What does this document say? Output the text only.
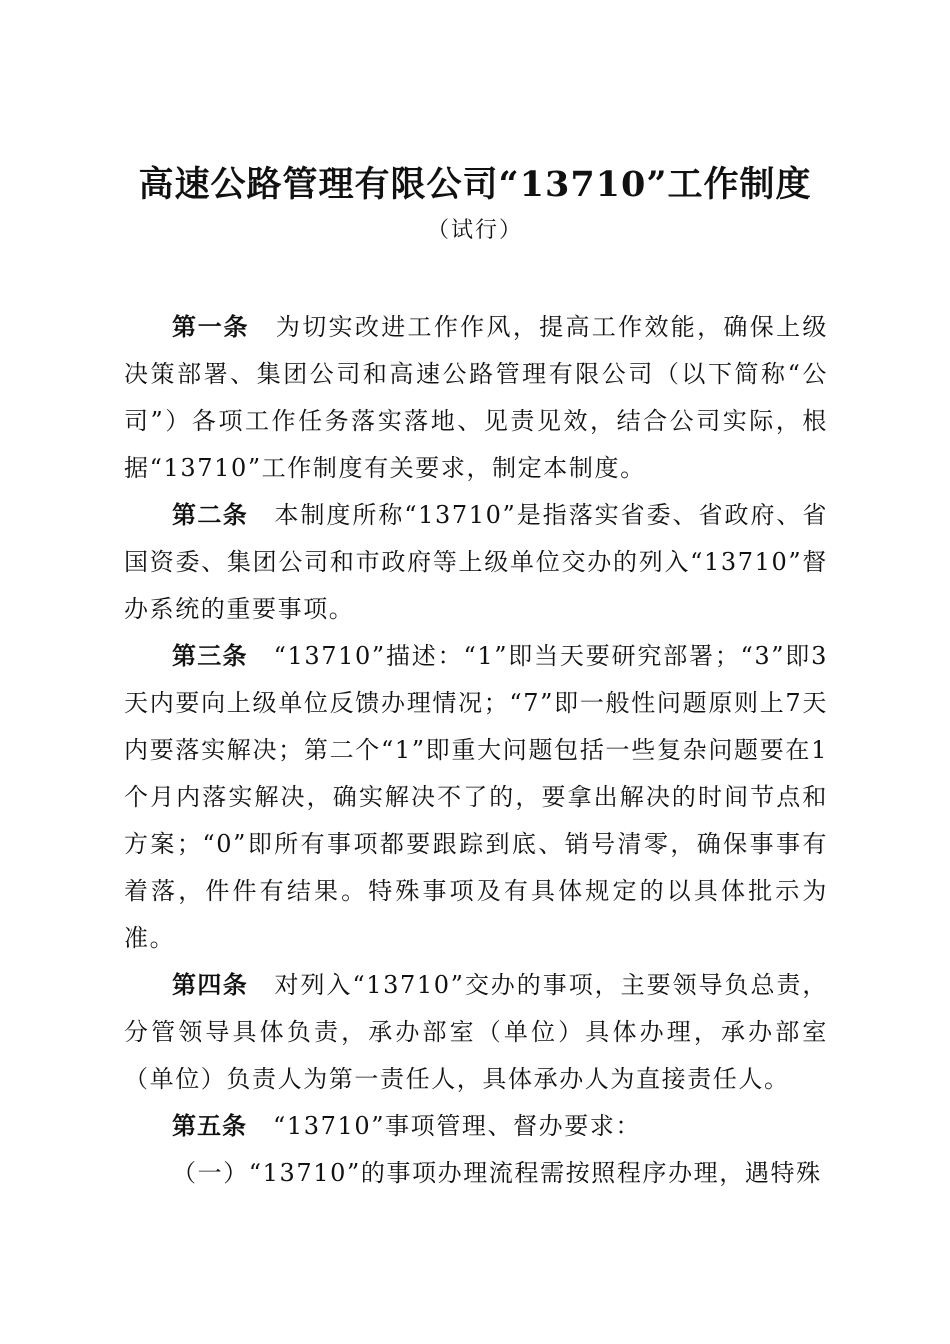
高速公路管理有限公司“13710”工作制度
（试行）

第一条 为切实改进工作作风，提高工作效能，确保上级决策部署、集团公司和高速公路管理有限公司（以下简称“公司”）各项工作任务落实落地、见责见效，结合公司实际，根据“13710”工作制度有关要求，制定本制度。

第二条 本制度所称“13710”是指落实省委、省政府、省国资委、集团公司和市政府等上级单位交办的列入“13710”督办系统的重要事项。

第三条 “13710”描述：“1”即当天要研究部署；“3”即3天内要向上级单位反馈办理情况；“7”即一般性问题原则上7天内要落实解决；第二个“1”即重大问题包括一些复杂问题要在1个月内落实解决，确实解决不了的，要拿出解决的时间节点和方案；“0”即所有事项都要跟踪到底、销号清零，确保事事有着落，件件有结果。特殊事项及有具体规定的以具体批示为准。

第四条 对列入“13710”交办的事项，主要领导负总责，分管领导具体负责，承办部室（单位）具体办理，承办部室（单位）负责人为第一责任人，具体承办人为直接责任人。

第五条 “13710”事项管理、督办要求：

（一）“13710”的事项办理流程需按照程序办理，遇特殊
